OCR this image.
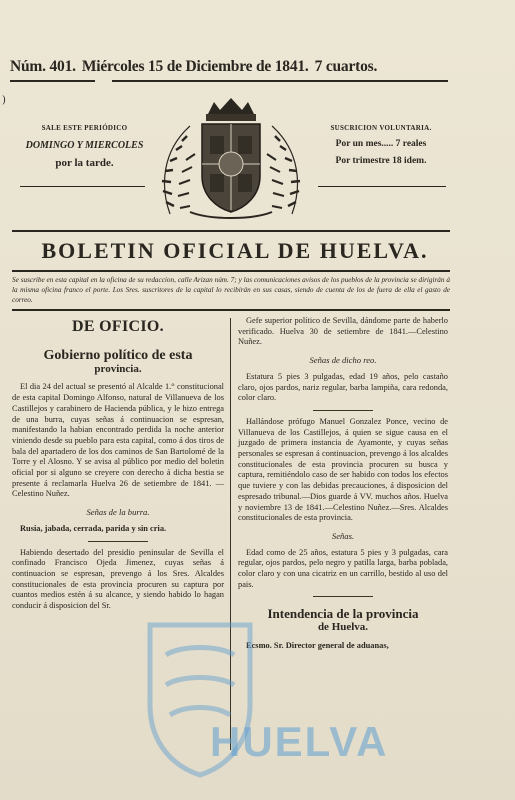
)
Núm. 401. Miércoles 15 de Diciembre de 1841. 7 cuartos.
SALE ESTE PERIÓDICO
DOMINGO Y MIERCOLES
por la tarde.
SUSCRICION VOLUNTARIA.
Por un mes..... 7 reales
Por trimestre 18 idem.
BOLETIN OFICIAL DE HUELVA.
Se suscribe en esta capital en la oficina de su redaccion, calle Arizan núm. 7; y las comunicaciones avisos de los pueblos de la provincia se dirigirán á la misma oficina franco el porte. Los Sres. suscritores de la capital lo recibirán en sus casas, siendo de cuenta de los de fuera de ella el gasto de correo.
DE OFICIO.
Gobierno político de esta
provincia.

El dia 24 del actual se presentó al Alcalde 1.° constitucional de esta capital Domingo Alfonso, natural de Villanueva de los Castillejos y carabinero de Hacienda pública, y le hizo entrega de una burra, cuyas señas á continuacion se espresan, manifestando la habian encontrado perdida la noche anterior viniendo desde su pueblo para esta capital, como á dos tiros de bala del apartadero de los dos caminos de San Bartolomé de la Torre y el Alosno. Y se avisa al público por medio del boletin oficial por si alguno se creyere con derecho á dicha bestia se presente á reclamarla Huelva 26 de setiembre de 1841. —Celestino Nuñez.

Señas de la burra.

Rusia, jabada, cerrada, parida y sin cria.

Habiendo desertado del presidio peninsular de Sevilla el confinado Francisco Ojeda Jimenez, cuyas señas á continuacion se espresan, prevengo á los Sres. Alcaldes constitucionales de esta provincia procuren su captura por cuantos medios estén á su alcance, y siendo habido lo hagan conducir á disposicion del Sr.

Gefe superior político de Sevilla, dándome parte de haberlo verificado. Huelva 30 de setiembre de 1841.—Celestino Nuñez.

Señas de dicho reo.

Estatura 5 pies 3 pulgadas, edad 19 años, pelo castaño claro, ojos pardos, nariz regular, barba lampiña, cara redonda, color claro.

Hallándose prófugo Manuel Gonzalez Ponce, vecino de Villanueva de los Castillejos, á quien se sigue causa en el juzgado de primera instancia de Ayamonte, y cuyas señas personales se espresan á continuacion, prevengo á los alcaldes constitucionales de esta provincia procuren su busca y captura, remitiéndolo caso de ser habido con todos los efectos que tuviere y con las debidas precauciones, á disposicion del espresado tribunal.—Dios guarde á VV. muchos años. Huelva y noviembre 13 de 1841.—Celestino Nuñez.—Sres. Alcaldes constitucionales de esta provincia.

Señas.

Edad como de 25 años, estatura 5 pies y 3 pulgadas, cara regular, ojos pardos, pelo negro y patilla larga, barba poblada, color claro y con una cicatriz en un carrillo, bestido al uso del pais.

Intendencia de la provincia
de Huelva.

Ecsmo. Sr. Director general de aduanas,

HUELVA
